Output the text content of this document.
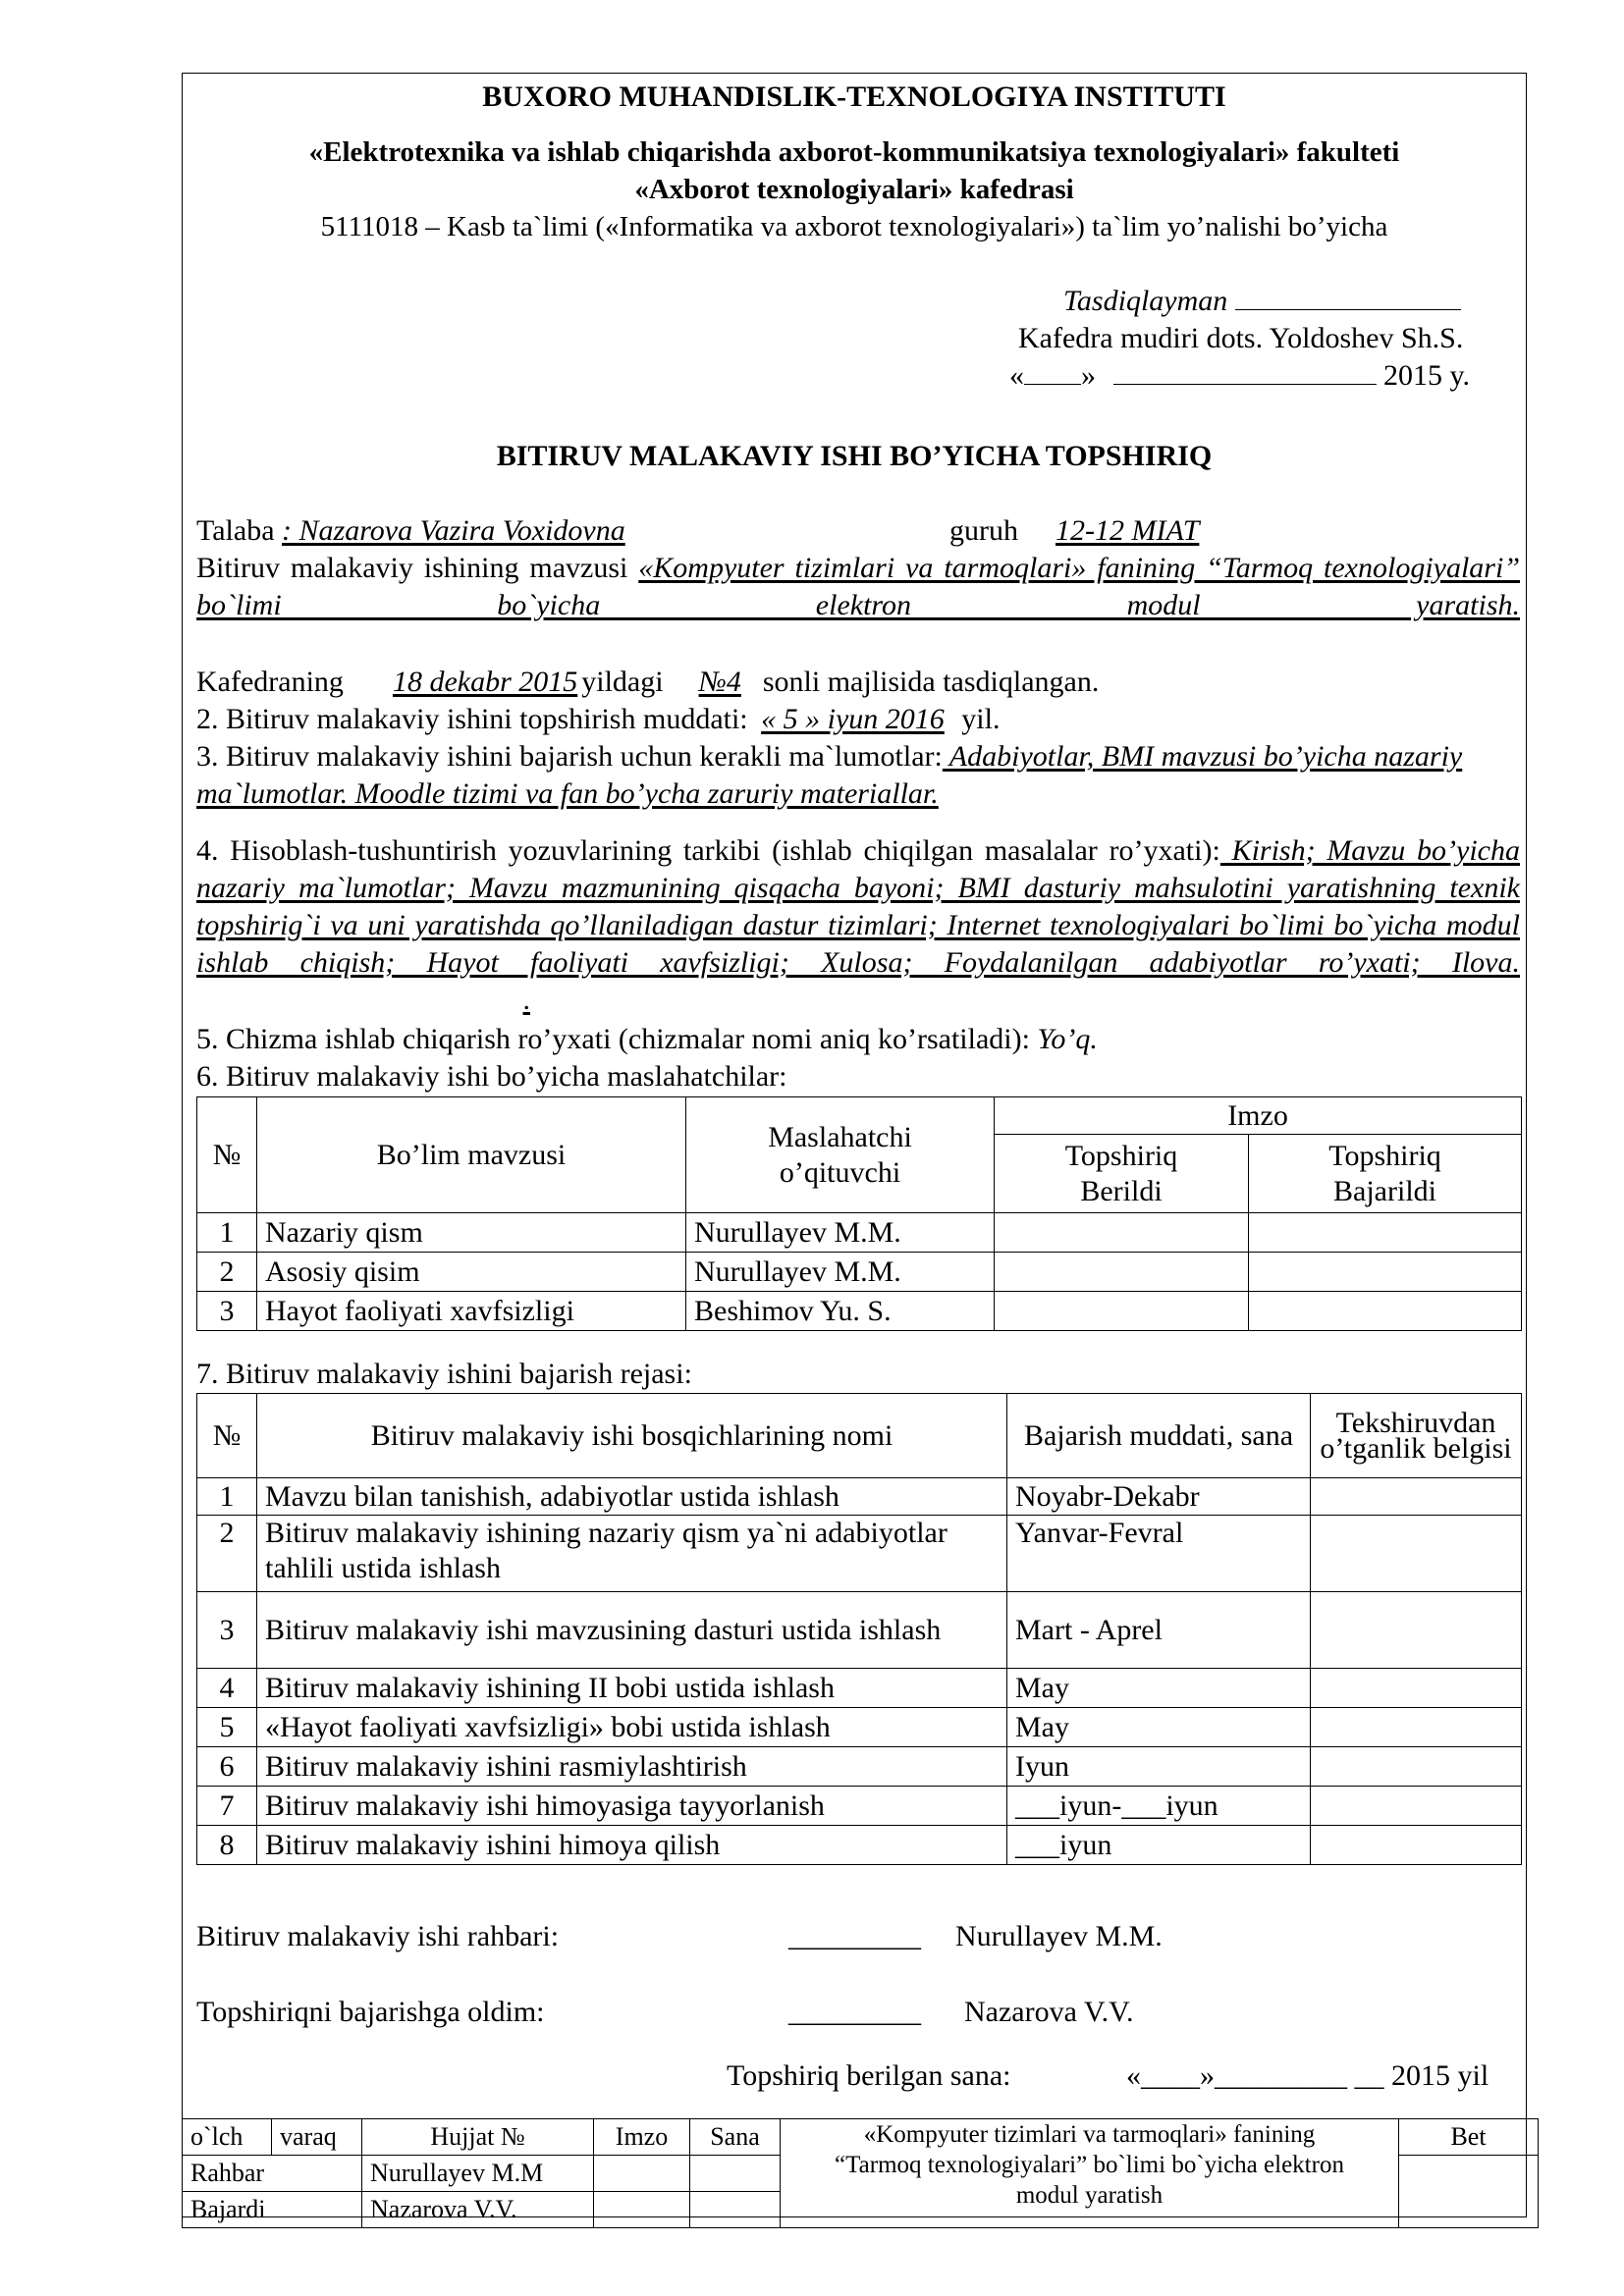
BUXORO MUHANDISLIK-TEXNOLOGIYA INSTITUTI
«Elektrotexnika va ishlab chiqarishda axborot-kommunikatsiya texnologiyalari» fakulteti
«Axborot texnologiyalari» kafedrasi
5111018 – Kasb ta`limi («Informatika va axborot texnologiyalari») ta`lim yo’nalishi bo’yicha
Tasdiqlayman
Kafedra mudiri dots. Yoldoshev Sh.S.
« »	2015 y.
BITIRUV MALAKAVIY ISHI BO’YICHA TOPSHIRIQ
Talaba : Nazarova Vazira Voxidovna	guruh 12-12 MIAT
Bitiruv malakaviy ishining mavzusi «Kompyuter tizimlari va tarmoqlari» fanining “Tarmoq texnologiyalari” bo`limi bo`yicha elektron modul yaratish.
Kafedraning 18 dekabr 2015 yildagi №4 sonli majlisida tasdiqlangan.
2. Bitiruv malakaviy ishini topshirish muddati: « 5 » iyun 2016 yil.
3. Bitiruv malakaviy ishini bajarish uchun kerakli ma`lumotlar: Adabiyotlar, BMI mavzusi bo’yicha nazariy ma`lumotlar. Moodle tizimi va fan bo’ycha zaruriy materiallar.
4. Hisoblash-tushuntirish yozuvlarining tarkibi (ishlab chiqilgan masalalar ro’yxati): Kirish; Mavzu bo’yicha nazariy ma`lumotlar; Mavzu mazmunining qisqacha bayoni; BMI dasturiy mahsulotini yaratishning texnik topshirig`i va uni yaratishda qo’llaniladigan dastur tizimlari; Internet texnologiyalari bo`limi bo`yicha modul ishlab chiqish; Hayot faoliyati xavfsizligi; Xulosa; Foydalanilgan adabiyotlar ro’yxati; Ilova..
5. Chizma ishlab chiqarish ro’yxati (chizmalar nomi aniq ko’rsatiladi): Yo’q.
6. Bitiruv malakaviy ishi bo’yicha maslahatchilar:
№	Bo’lim mavzusi	Maslahatchi o’qituvchi	Imzo	
			Topshiriq Berildi	Topshiriq Bajarildi
1	Nazariy qism	Nurullayev M.M.		
2	Asosiy qisim	Nurullayev M.M.		
3	Hayot faoliyati xavfsizligi	Beshimov Yu. S.		
7. Bitiruv malakaviy ishini bajarish rejasi:
№	Bitiruv malakaviy ishi bosqichlarining nomi	Bajarish muddati, sana	Tekshiruvdan o’tganlik belgisi
1	Mavzu bilan tanishish, adabiyotlar ustida ishlash	Noyabr-Dekabr	
2	Bitiruv malakaviy ishining nazariy qism ya`ni adabiyotlar tahlili ustida ishlash	Yanvar-Fevral	
3	Bitiruv malakaviy ishi mavzusining dasturi ustida ishlash	Mart - Aprel	
4	Bitiruv malakaviy ishining II bobi ustida ishlash	May	
5	«Hayot faoliyati xavfsizligi» bobi ustida ishlash	May	
6	Bitiruv malakaviy ishini rasmiylashtirish	Iyun	
7	Bitiruv malakaviy ishi himoyasiga tayyorlanish	___iyun-___iyun	
8	Bitiruv malakaviy ishini himoya qilish	___iyun	
Bitiruv malakaviy ishi rahbari:	_________ Nurullayev M.M.
Topshiriqni bajarishga oldim:	_________ Nazarova V.V.
Topshiriq berilgan sana:	«____»_________ __ 2015 yil
o`lch	varaq	Hujjat №	Imzo	Sana	«Kompyuter tizimlari va tarmoqlari» fanining “Tarmoq texnologiyalari” bo`limi bo`yicha elektron modul yaratish	Bet
Rahbar		Nurullayev M.M				
Bajardi		Nazarova V.V.				
